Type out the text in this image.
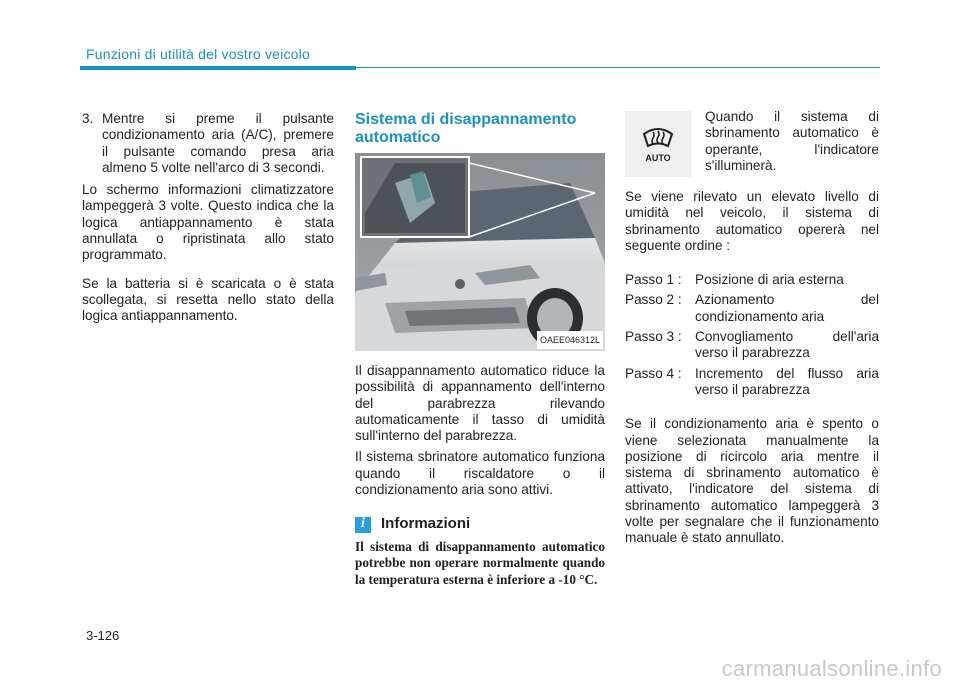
Funzioni di utilità del vostro veicolo
3. Mentre si preme il pulsante condizionamento aria (A/C), premere il pulsante comando presa aria almeno 5 volte nell'arco di 3 secondi.

Lo schermo informazioni climatizzatore lampeggerà 3 volte. Questo indica che la logica antiappannamento è stata annullata o ripristinata allo stato programmato.

Se la batteria si è scaricata o è stata scollegata, si resetta nello stato della logica antiappannamento.

Sistema di disappannamento automatico
OAEE046312L

Il disappannamento automatico riduce la possibilità di appannamento dell'interno del parabrezza rilevando automaticamente il tasso di umidità sull'interno del parabrezza.

Il sistema sbrinatore automatico funziona quando il riscaldatore o il condizionamento aria sono attivi.

i	Informazioni
Il sistema di disappannamento automatico potrebbe non operare normalmente quando la temperatura esterna è inferiore a -10 °C.
AUTO
Quando il sistema di sbrinamento automatico è operante, l'indicatore s'illuminerà.

Se viene rilevato un elevato livello di umidità nel veicolo, il sistema di sbrinamento automatico opererà nel seguente ordine :

Passo 1 : Posizione di aria esterna
Passo 2 : Azionamento del condizionamento aria
Passo 3 : Convogliamento dell'aria verso il parabrezza
Passo 4 : Incremento del flusso aria verso il parabrezza

Se il condizionamento aria è spento o viene selezionata manualmente la posizione di ricircolo aria mentre il sistema di sbrinamento automatico è attivato, l'indicatore del sistema di sbrinamento automatico lampeggerà 3 volte per segnalare che il funzionamento manuale è stato annullato.

3-126
carmanualsonline.info
